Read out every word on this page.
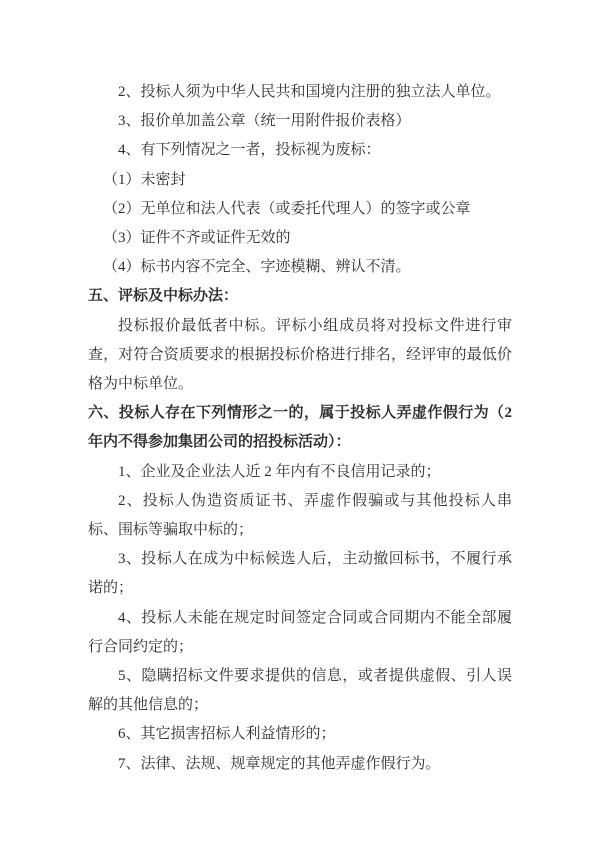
2、投标人须为中华人民共和国境内注册的独立法人单位。

3、报价单加盖公章（统一用附件报价表格）

4、有下列情况之一者，投标视为废标：

（1）未密封

（2）无单位和法人代表（或委托代理人）的签字或公章

（3）证件不齐或证件无效的

（4）标书内容不完全、字迹模糊、辨认不清。

五、评标及中标办法：

投标报价最低者中标。评标小组成员将对投标文件进行审查，对符合资质要求的根据投标价格进行排名，经评审的最低价格为中标单位。

六、投标人存在下列情形之一的，属于投标人弄虚作假行为（2年内不得参加集团公司的招投标活动）：

1、企业及企业法人近 2 年内有不良信用记录的；

2、投标人伪造资质证书、弄虚作假骗或与其他投标人串标、围标等骗取中标的；

3、投标人在成为中标候选人后，主动撤回标书，不履行承诺的；

4、投标人未能在规定时间签定合同或合同期内不能全部履行合同约定的；

5、隐瞒招标文件要求提供的信息，或者提供虚假、引人误解的其他信息的；

6、其它损害招标人利益情形的；

7、法律、法规、规章规定的其他弄虚作假行为。
